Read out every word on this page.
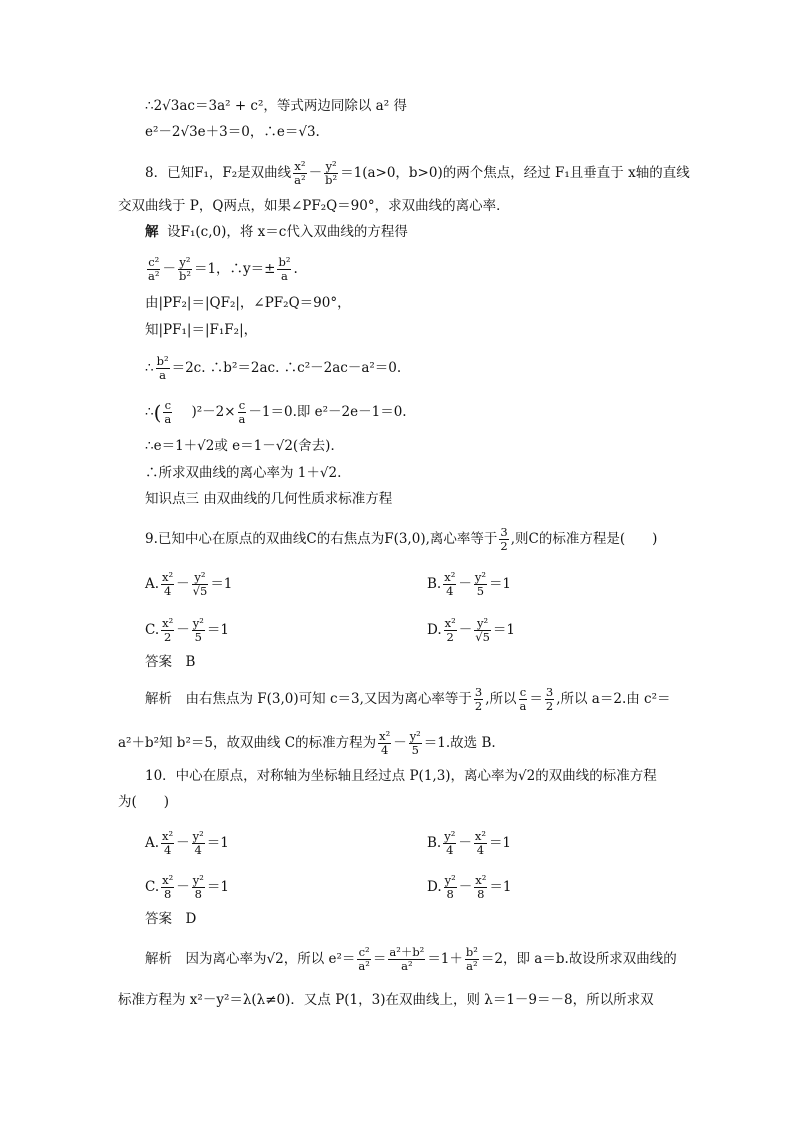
∴2√3ac＝3a² + c²，等式两边同除以 a² 得
e²－2√3e＋3＝0，∴e＝√3.
8．已知F₁，F₂是双曲线 $\frac{\text{x²}}{\text{a²}} - \frac{\text{y²}}{\text{b²}} =1(a>0$，b>0)的两个焦点，经过 F₁且垂直于 x轴的直线
交双曲线于 P，Q两点，如果∠PF₂Q＝90°，求双曲线的离心率．
解 设F₁(c,0)，将 x＝c代入双曲线的方程得
$\frac{\text{c²}}{\text{a²}} - \frac{\text{y²}}{\text{b²}} =1$，∴y＝± $\frac{\text{b²}}{a}$ .
由|PF₂|＝|QF₂|，∠PF₂Q＝90°，
知|PF₁|＝|F₁F₂|，
∴ $\frac{\text{b²}}{a} =2c$. ∴b²＝2ac. ∴c²－2ac－a²＝0.
∴( $\frac{c}{a} )^2-2\times \frac{c}{a} -1=0$.即 e²－2e－1＝0.
∴e＝1＋√2或 e＝1－√2(舍去)．
∴所求双曲线的离心率为 1＋√2.
知识点三 由双曲线的几何性质求标准方程
9.已知中心在原点的双曲线C的右焦点为F(3,0),离心率等于 $\frac{3}{2}$ ,则C的标准方程是(　　)
A. $\frac{\text{x²}}{4} - \frac{\text{y²}}{√5} =1$	B. $\frac{\text{x²}}{4} - \frac{\text{y²}}{5} =1$
C. $\frac{\text{x²}}{2} - \frac{\text{y²}}{5} =1$	D. $\frac{\text{x²}}{2} - \frac{\text{y²}}{√5} =1$
答案　B
解析　由右焦点为 F(3,0)可知 c＝3,又因为离心率等于 $\frac{3}{2}$ ,所以 $\frac{c}{a} = \frac{3}{2}$ ,所以 a＝2.由 c²＝
a²＋b²知 b²＝5，故双曲线 C的标准方程为 $\frac{\text{x²}}{4} - \frac{\text{y²}}{5} =1$.故选 B.
10．中心在原点，对称轴为坐标轴且经过点 P(1,3)，离心率为√2的双曲线的标准方程
为(　　)
A. $\frac{\text{x²}}{4} - \frac{\text{y²}}{4} =1$	B. $\frac{\text{y²}}{4} - \frac{\text{x²}}{4} =1$
C. $\frac{\text{x²}}{8} - \frac{\text{y²}}{8} =1$	D. $\frac{\text{y²}}{8} - \frac{\text{x²}}{8} =1$
答案　D
解析　因为离心率为√2，所以 $e^2= \frac{\text{c²}}{\text{a²}} = \frac{\text{a²＋b²}}{\text{a²}} =1+ \frac{\text{b²}}{\text{a²}} =2$，即 a＝b.故设所求双曲线的
标准方程为 x²－y²＝λ(λ≠0)．又点 P(1，3)在双曲线上，则 λ＝1－9＝－8，所以所求双
